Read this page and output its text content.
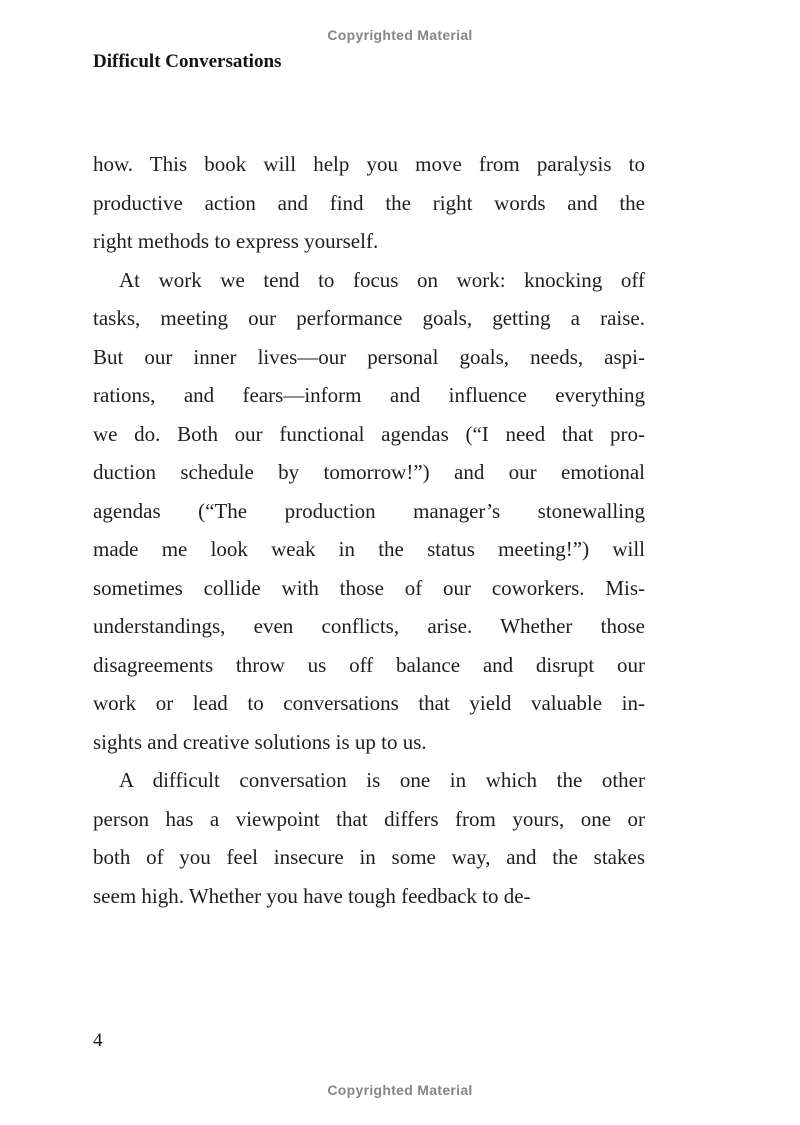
Copyrighted Material
Difficult Conversations
how. This book will help you move from paralysis to
productive action and find the right words and the
right methods to express yourself.
At work we tend to focus on work: knocking off
tasks, meeting our performance goals, getting a raise.
But our inner lives—our personal goals, needs, aspi-
rations, and fears—inform and influence everything
we do. Both our functional agendas (“I need that pro-
duction schedule by tomorrow!”) and our emotional
agendas (“The production manager’s stonewalling
made me look weak in the status meeting!”) will
sometimes collide with those of our coworkers. Mis-
understandings, even conflicts, arise. Whether those
disagreements throw us off balance and disrupt our
work or lead to conversations that yield valuable in-
sights and creative solutions is up to us.
A difficult conversation is one in which the other
person has a viewpoint that differs from yours, one or
both of you feel insecure in some way, and the stakes
seem high. Whether you have tough feedback to de-
4
Copyrighted Material
